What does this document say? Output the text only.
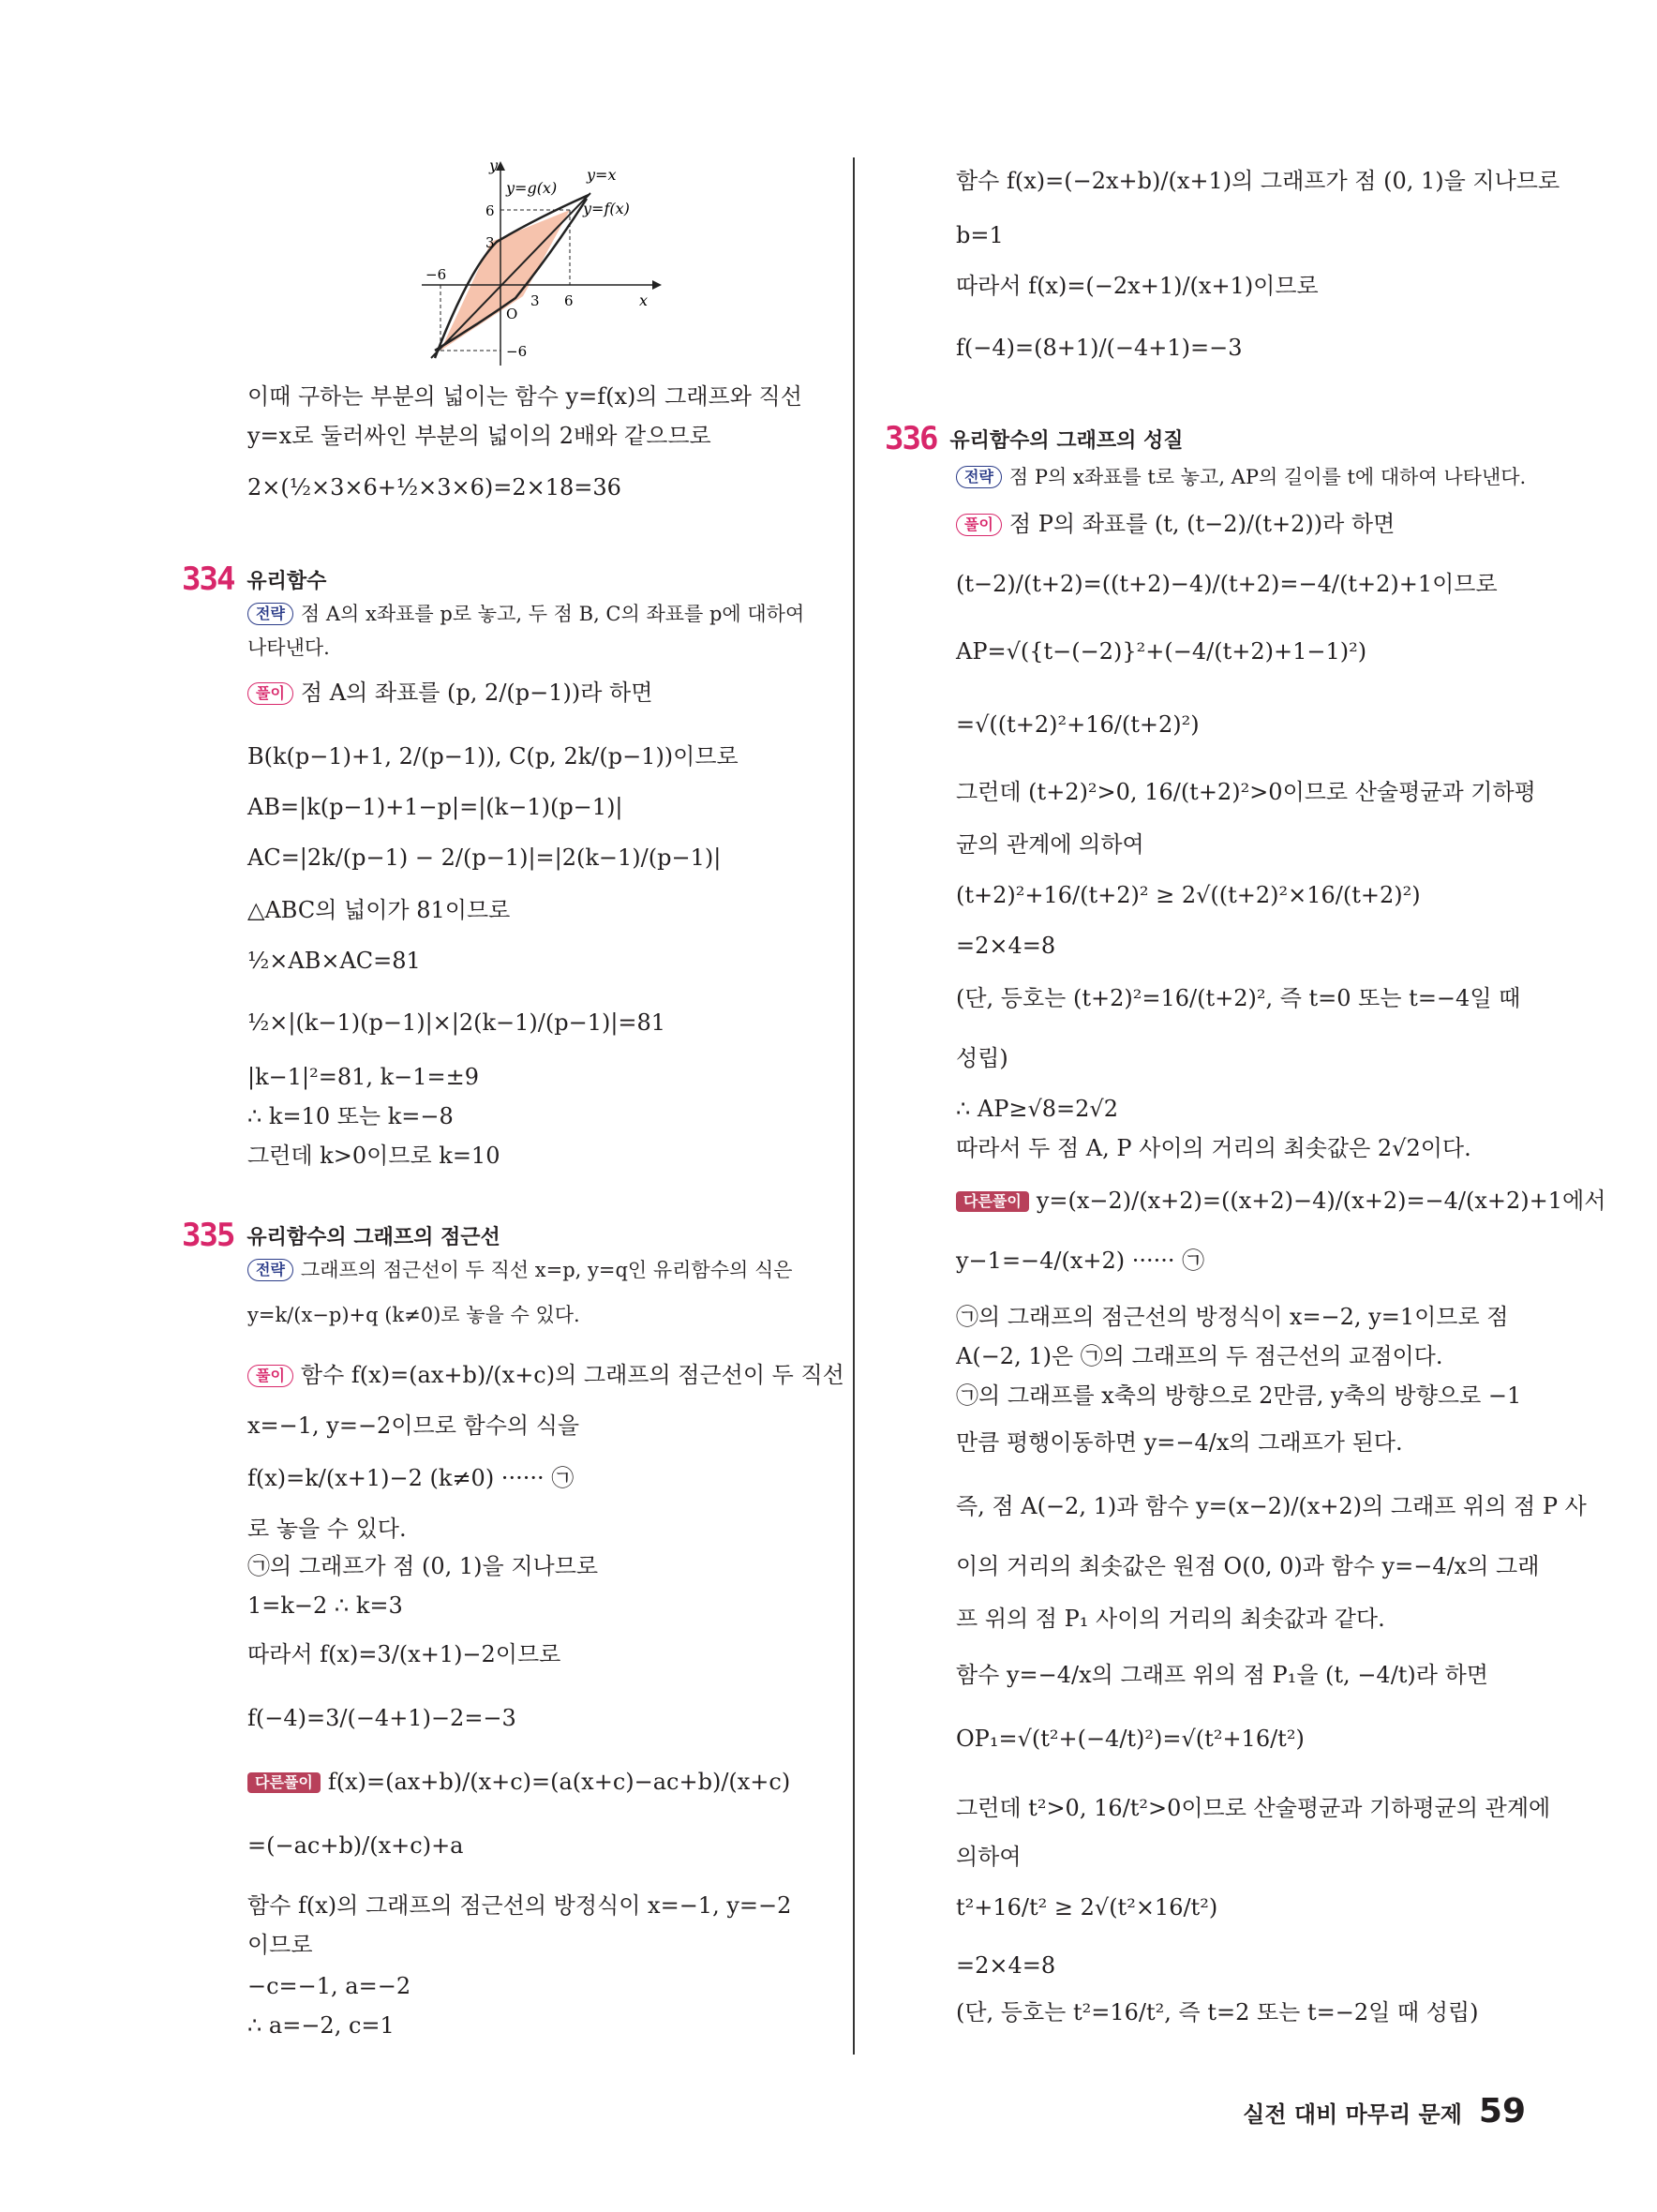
y
x
y=x
y=g(x)
y=f(x)
6
3
−6
3 6
O
−6
이때 구하는 부분의 넓이는 함수 y=f(x)의 그래프와 직선
y=x로 둘러싸인 부분의 넓이의 2배와 같으므로
2×(½×3×6+½×3×6)=2×18=36
334 유리함수
전략 점 A의 x좌표를 p로 놓고, 두 점 B, C의 좌표를 p에 대하여
나타낸다.
풀이 점 A의 좌표를 (p, 2/(p−1))라 하면
B(k(p−1)+1, 2/(p−1)), C(p, 2k/(p−1))이므로
AB=|k(p−1)+1−p|=|(k−1)(p−1)|
AC=|2k/(p−1) − 2/(p−1)|=|2(k−1)/(p−1)|
△ABC의 넓이가 81이므로
½×AB×AC=81
½×|(k−1)(p−1)|×|2(k−1)/(p−1)|=81
|k−1|²=81, k−1=±9
∴ k=10 또는 k=−8
그런데 k>0이므로 k=10
335 유리함수의 그래프의 점근선
전략 그래프의 점근선이 두 직선 x=p, y=q인 유리함수의 식은
y=k/(x−p)+q (k≠0)로 놓을 수 있다.
풀이 함수 f(x)=(ax+b)/(x+c)의 그래프의 점근선이 두 직선
x=−1, y=−2이므로 함수의 식을
f(x)=k/(x+1)−2 (k≠0) ······ ㉠
로 놓을 수 있다.
㉠의 그래프가 점 (0, 1)을 지나므로
1=k−2 ∴ k=3
따라서 f(x)=3/(x+1)−2이므로
f(−4)=3/(−4+1)−2=−3
다른풀이 f(x)=(ax+b)/(x+c)=(a(x+c)−ac+b)/(x+c)
=(−ac+b)/(x+c)+a
함수 f(x)의 그래프의 점근선의 방정식이 x=−1, y=−2
이므로
−c=−1, a=−2
∴ a=−2, c=1
함수 f(x)=(−2x+b)/(x+1)의 그래프가 점 (0, 1)을 지나므로
b=1
따라서 f(x)=(−2x+1)/(x+1)이므로
f(−4)=(8+1)/(−4+1)=−3
336 유리함수의 그래프의 성질
전략 점 P의 x좌표를 t로 놓고, AP의 길이를 t에 대하여 나타낸다.
풀이 점 P의 좌표를 (t, (t−2)/(t+2))라 하면
(t−2)/(t+2)=((t+2)−4)/(t+2)=−4/(t+2)+1이므로
AP=√({t−(−2)}²+(−4/(t+2)+1−1)²)
=√((t+2)²+16/(t+2)²)
그런데 (t+2)²>0, 16/(t+2)²>0이므로 산술평균과 기하평
균의 관계에 의하여
(t+2)²+16/(t+2)² ≥ 2√((t+2)²×16/(t+2)²)
=2×4=8
(단, 등호는 (t+2)²=16/(t+2)², 즉 t=0 또는 t=−4일 때
성립)
∴ AP≥√8=2√2
따라서 두 점 A, P 사이의 거리의 최솟값은 2√2이다.
다른풀이 y=(x−2)/(x+2)=((x+2)−4)/(x+2)=−4/(x+2)+1에서
y−1=−4/(x+2) ······ ㉠
㉠의 그래프의 점근선의 방정식이 x=−2, y=1이므로 점
A(−2, 1)은 ㉠의 그래프의 두 점근선의 교점이다.
㉠의 그래프를 x축의 방향으로 2만큼, y축의 방향으로 −1
만큼 평행이동하면 y=−4/x의 그래프가 된다.
즉, 점 A(−2, 1)과 함수 y=(x−2)/(x+2)의 그래프 위의 점 P 사
이의 거리의 최솟값은 원점 O(0, 0)과 함수 y=−4/x의 그래
프 위의 점 P₁ 사이의 거리의 최솟값과 같다.
함수 y=−4/x의 그래프 위의 점 P₁을 (t, −4/t)라 하면
OP₁=√(t²+(−4/t)²)=√(t²+16/t²)
그런데 t²>0, 16/t²>0이므로 산술평균과 기하평균의 관계에
의하여
t²+16/t² ≥ 2√(t²×16/t²)
=2×4=8
(단, 등호는 t²=16/t², 즉 t=2 또는 t=−2일 때 성립)
실전 대비 마무리 문제 59
